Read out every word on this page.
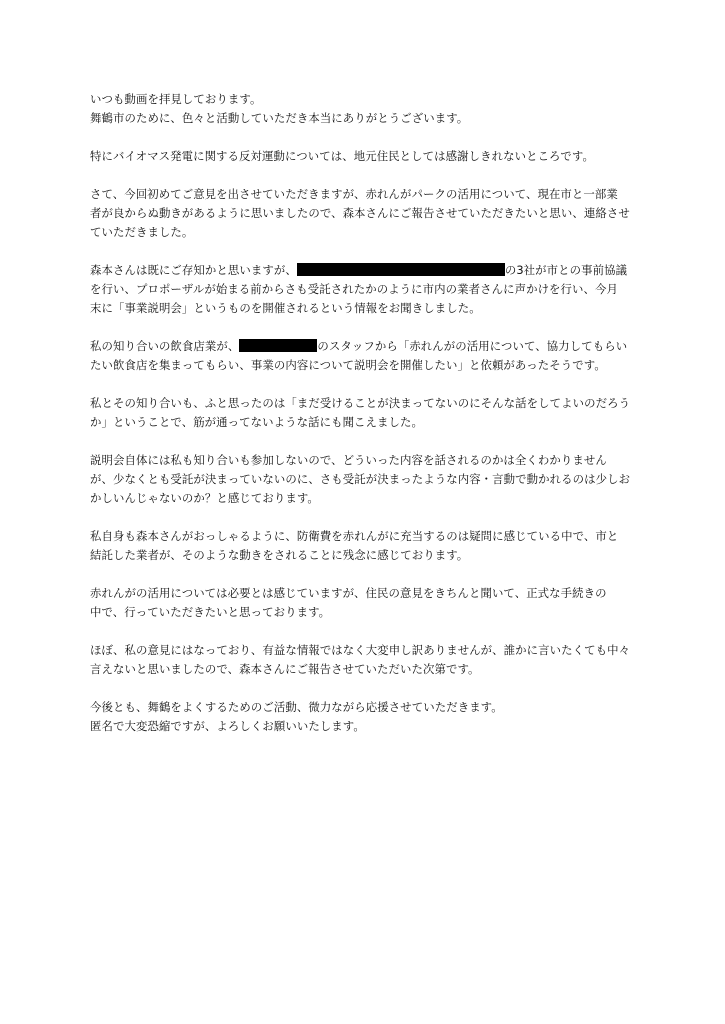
いつも動画を拝見しております。
舞鶴市のために、色々と活動していただき本当にありがとうございます。
特にバイオマス発電に関する反対運動については、地元住民としては感謝しきれないところです。
さて、今回初めてご意見を出させていただきますが、赤れんがパークの活用について、現在市と一部業
者が良からぬ動きがあるように思いましたので、森本さんにご報告させていただきたいと思い、連絡させ
ていただきました。
森本さんは既にご存知かと思いますが、	の3社が市との事前協議
を行い、プロポーザルが始まる前からさも受託されたかのように市内の業者さんに声かけを行い、今月
末に「事業説明会」というものを開催されるという情報をお聞きしました。
私の知り合いの飲食店業が、	のスタッフから「赤れんがの活用について、協力してもらい
たい飲食店を集まってもらい、事業の内容について説明会を開催したい」と依頼があったそうです。
私とその知り合いも、ふと思ったのは「まだ受けることが決まってないのにそんな話をしてよいのだろう
か」ということで、筋が通ってないような話にも聞こえました。
説明会自体には私も知り合いも参加しないので、どういった内容を話されるのかは全くわかりません
が、少なくとも受託が決まっていないのに、さも受託が決まったような内容・言動で動かれるのは少しお
かしいんじゃないのか？と感じております。
私自身も森本さんがおっしゃるように、防衛費を赤れんがに充当するのは疑問に感じている中で、市と
結託した業者が、そのような動きをされることに残念に感じております。
赤れんがの活用については必要とは感じていますが、住民の意見をきちんと聞いて、正式な手続きの
中で、行っていただきたいと思っております。
ほぼ、私の意見にはなっており、有益な情報ではなく大変申し訳ありませんが、誰かに言いたくても中々
言えないと思いましたので、森本さんにご報告させていただいた次第です。
今後とも、舞鶴をよくするためのご活動、微力ながら応援させていただきます。
匿名で大変恐縮ですが、よろしくお願いいたします。
